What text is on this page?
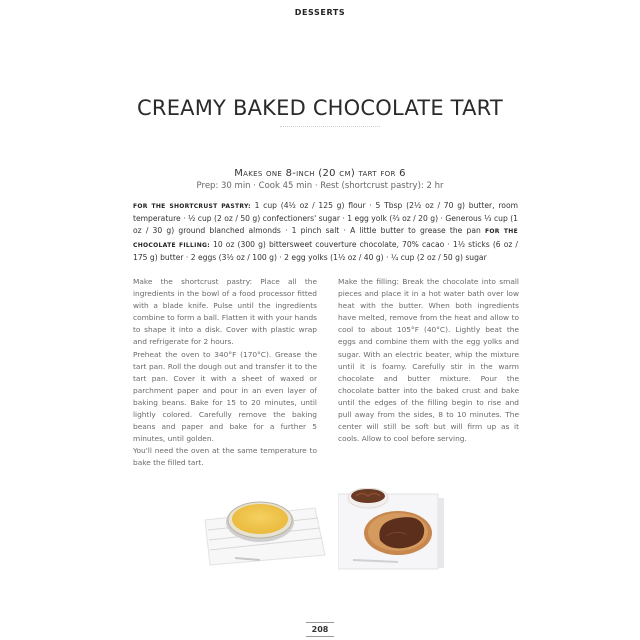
DESSERTS
CREAMY BAKED CHOCOLATE TART
Makes one 8-inch (20 cm) tart for 6
Prep: 30 min · Cook 45 min · Rest (shortcrust pastry): 2 hr
FOR THE SHORTCRUST PASTRY: 1 cup (4½ oz / 125 g) flour · 5 Tbsp (2½ oz / 70 g) butter, room temperature · ½ cup (2 oz / 50 g) confectioners' sugar · 1 egg yolk (⅔ oz / 20 g) · Generous ⅓ cup (1 oz / 30 g) ground blanched almonds · 1 pinch salt · A little butter to grease the pan FOR THE CHOCOLATE FILLING: 10 oz (300 g) bittersweet couverture chocolate, 70% cacao · 1½ sticks (6 oz / 175 g) butter · 2 eggs (3½ oz / 100 g) · 2 egg yolks (1½ oz / 40 g) · ¼ cup (2 oz / 50 g) sugar

Make the shortcrust pastry: Place all the ingredients in the bowl of a food processor fitted with a blade knife. Pulse until the ingredients combine to form a ball. Flatten it with your hands to shape it into a disk. Cover with plastic wrap and refrigerate for 2 hours.

Preheat the oven to 340°F (170°C). Grease the tart pan. Roll the dough out and transfer it to the tart pan. Cover it with a sheet of waxed or parchment paper and pour in an even layer of baking beans. Bake for 15 to 20 minutes, until lightly colored. Carefully remove the baking beans and paper and bake for a further 5 minutes, until golden.

You'll need the oven at the same temperature to bake the filled tart.

Make the filling: Break the chocolate into small pieces and place it in a hot water bath over low heat with the butter. When both ingredients have melted, remove from the heat and allow to cool to about 105°F (40°C). Lightly beat the eggs and combine them with the egg yolks and sugar. With an electric beater, whip the mixture until it is foamy. Carefully stir in the warm chocolate and butter mixture. Pour the chocolate batter into the baked crust and bake until the edges of the filling begin to rise and pull away from the sides, 8 to 10 minutes. The center will still be soft but will firm up as it cools. Allow to cool before serving.

208
